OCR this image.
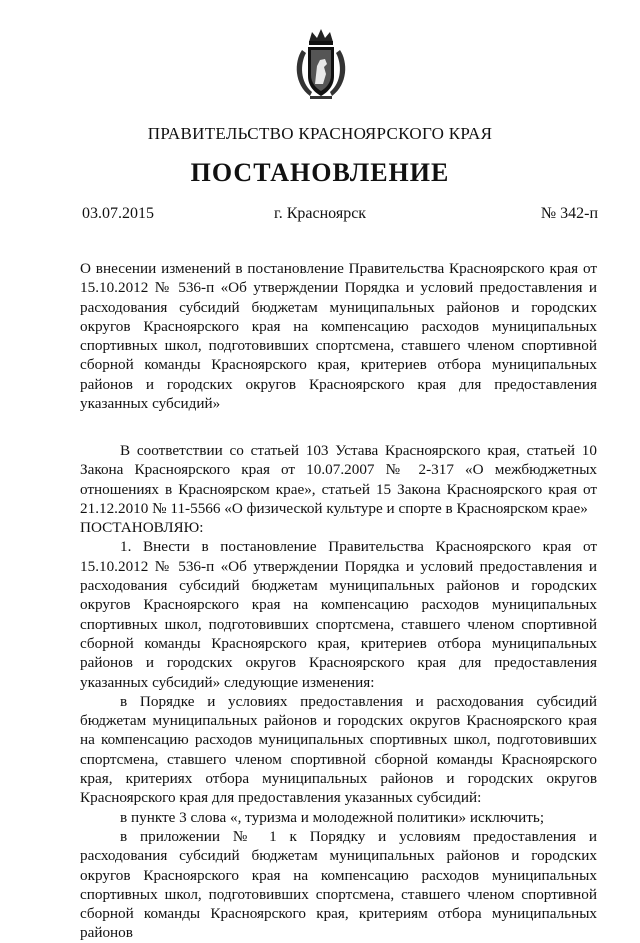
ПРАВИТЕЛЬСТВО КРАСНОЯРСКОГО КРАЯ
ПОСТАНОВЛЕНИЕ
03.07.2015	г. Красноярск	№ 342-п
О внесении изменений в постановление Правительства Красноярского края от 15.10.2012 № 536-п «Об утверждении Порядка и условий предоставления и расходования субсидий бюджетам муниципальных районов и городских округов Красноярского края на компенсацию расходов муниципальных спортивных школ, подготовивших спортсмена, ставшего членом спортивной сборной команды Красноярского края, критериев отбора муниципальных районов и городских округов Красноярского края для предоставления указанных субсидий»

В соответствии со статьей 103 Устава Красноярского края, статьей 10 Закона Красноярского края от 10.07.2007 № 2-317 «О межбюджетных отношениях в Красноярском крае», статьей 15 Закона Красноярского края от 21.12.2010 № 11-5566 «О физической культуре и спорте в Красноярском крае»

ПОСТАНОВЛЯЮ:

1. Внести в постановление Правительства Красноярского края от 15.10.2012 № 536-п «Об утверждении Порядка и условий предоставления и расходования субсидий бюджетам муниципальных районов и городских округов Красноярского края на компенсацию расходов муниципальных спортивных школ, подготовивших спортсмена, ставшего членом спортивной сборной команды Красноярского края, критериев отбора муниципальных районов и городских округов Красноярского края для предоставления указанных субсидий» следующие изменения:

в Порядке и условиях предоставления и расходования субсидий бюджетам муниципальных районов и городских округов Красноярского края на компенсацию расходов муниципальных спортивных школ, подготовивших спортсмена, ставшего членом спортивной сборной команды Красноярского края, критериях отбора муниципальных районов и городских округов Красноярского края для предоставления указанных субсидий:

в пункте 3 слова «, туризма и молодежной политики» исключить;

в приложении № 1 к Порядку и условиям предоставления и расходования субсидий бюджетам муниципальных районов и городских округов Красноярского края на компенсацию расходов муниципальных спортивных школ, подготовивших спортсмена, ставшего членом спортивной сборной команды Красноярского края, критериям отбора муниципальных районов
